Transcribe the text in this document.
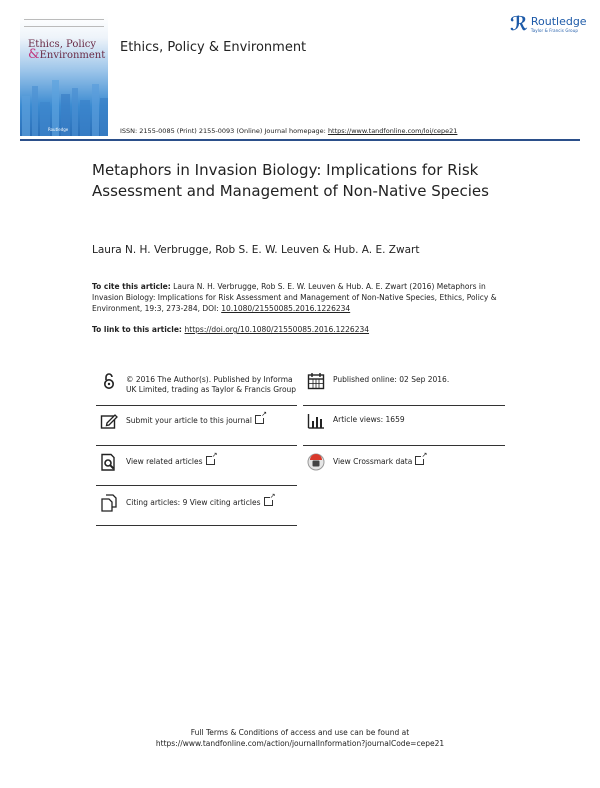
Ethics, Policy
&Environment
Routledge
Ethics, Policy & Environment
ℛ Routledge
Taylor & Francis Group
ISSN: 2155-0085 (Print) 2155-0093 (Online) Journal homepage: https://www.tandfonline.com/loi/cepe21
Metaphors in Invasion Biology: Implications for Risk Assessment and Management of Non-Native Species
Laura N. H. Verbrugge, Rob S. E. W. Leuven & Hub. A. E. Zwart
To cite this article: Laura N. H. Verbrugge, Rob S. E. W. Leuven & Hub. A. E. Zwart (2016) Metaphors in Invasion Biology: Implications for Risk Assessment and Management of Non-Native Species, Ethics, Policy & Environment, 19:3, 273-284, DOI: 10.1080/21550085.2016.1226234
To link to this article: https://doi.org/10.1080/21550085.2016.1226234
© 2016 The Author(s). Published by Informa UK Limited, trading as Taylor & Francis Group
Published online: 02 Sep 2016.
Submit your article to this journal ↗	Article views: 1659
View related articles ↗	View Crossmark data↗
Citing articles: 9 View citing articles↗
Full Terms & Conditions of access and use can be found at
https://www.tandfonline.com/action/journalInformation?journalCode=cepe21
